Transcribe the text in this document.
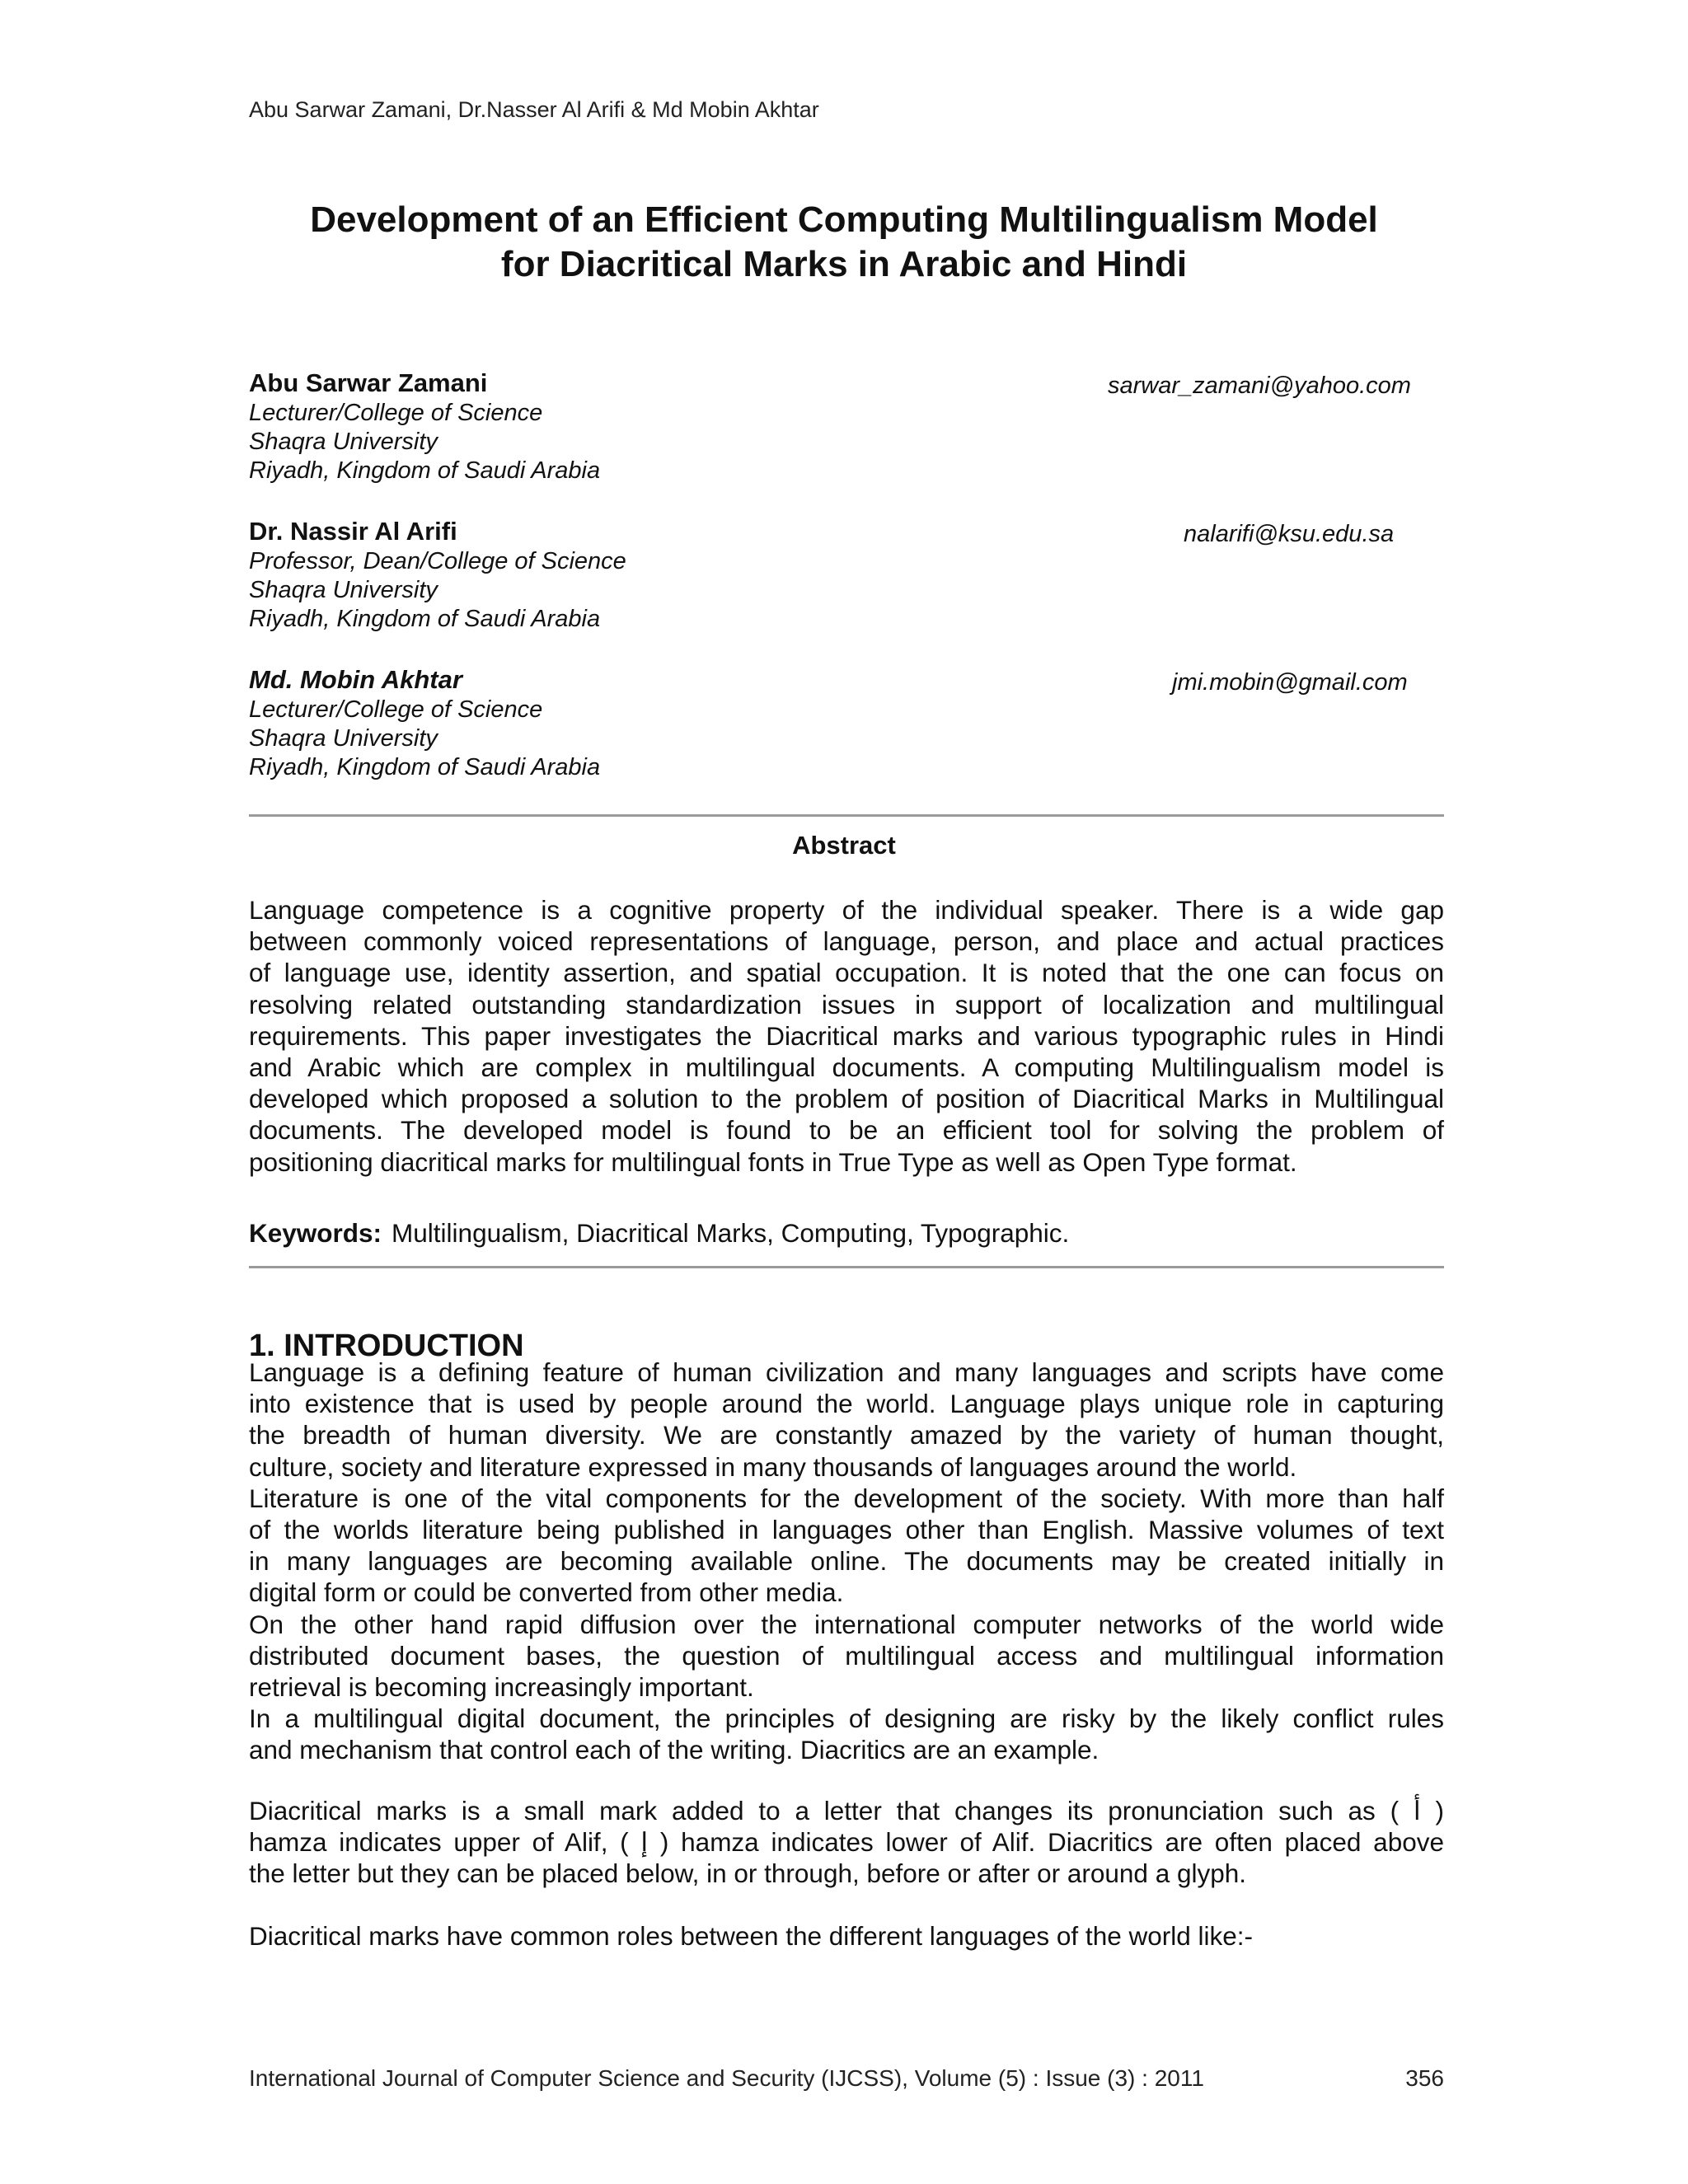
Abu Sarwar Zamani, Dr.Nasser Al Arifi & Md Mobin Akhtar
Development of an Efficient Computing Multilingualism Model
for Diacritical Marks in Arabic and Hindi
Abu Sarwar Zamani
Lecturer/College of Science
Shaqra University
Riyadh, Kingdom of Saudi Arabia
sarwar_zamani@yahoo.com
Dr. Nassir Al Arifi
Professor, Dean/College of Science
Shaqra University
Riyadh, Kingdom of Saudi Arabia
nalarifi@ksu.edu.sa
Md. Mobin Akhtar
Lecturer/College of Science
Shaqra University
Riyadh, Kingdom of Saudi Arabia
jmi.mobin@gmail.com
Abstract
Language competence is a cognitive property of the individual speaker. There is a wide gap
between commonly voiced representations of language, person, and place and actual practices
of language use, identity assertion, and spatial occupation. It is noted that the one can focus on
resolving related outstanding standardization issues in support of localization and multilingual
requirements. This paper investigates the Diacritical marks and various typographic rules in Hindi
and Arabic which are complex in multilingual documents. A computing Multilingualism model is
developed which proposed a solution to the problem of position of Diacritical Marks in Multilingual
documents. The developed model is found to be an efficient tool for solving the problem of
positioning diacritical marks for multilingual fonts in True Type as well as Open Type format.
Keywords: Multilingualism, Diacritical Marks, Computing, Typographic.
1. INTRODUCTION
Language is a defining feature of human civilization and many languages and scripts have come
into existence that is used by people around the world. Language plays unique role in capturing
the breadth of human diversity. We are constantly amazed by the variety of human thought,
culture, society and literature expressed in many thousands of languages around the world.
Literature is one of the vital components for the development of the society. With more than half
of the worlds literature being published in languages other than English. Massive volumes of text
in many languages are becoming available online. The documents may be created initially in
digital form or could be converted from other media.
On the other hand rapid diffusion over the international computer networks of the world wide
distributed document bases, the question of multilingual access and multilingual information
retrieval is becoming increasingly important.
In a multilingual digital document, the principles of designing are risky by the likely conflict rules
and mechanism that control each of the writing. Diacritics are an example.
Diacritical marks is a small mark added to a letter that changes its pronunciation such as ( أ )
hamza indicates upper of Alif, ( إ ) hamza indicates lower of Alif. Diacritics are often placed above
the letter but they can be placed below, in or through, before or after or around a glyph.
Diacritical marks have common roles between the different languages of the world like:-
International Journal of Computer Science and Security (IJCSS), Volume (5) : Issue (3) : 2011	356
